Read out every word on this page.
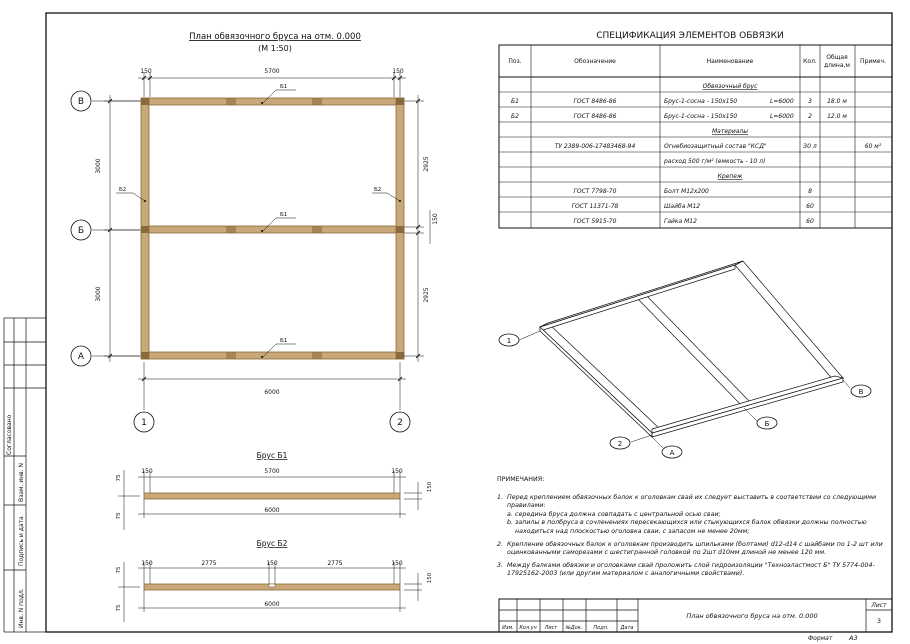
Согласовано
Взам. инв. N
Подпись и дата
Инв. N подл.
План обвязочного бруса на отм. 0.000
(М 1:50)
150	5700	150
3000
3000
2925
150
2925
6000
Б1
Б1
Б1
Б2	Б2
В
Б
А
1	2
Брус Б1
150	5700	150
6000
75
75
150
Брус Б2
150	2775	150	2775	150
6000
75
75
150
СПЕЦИФИКАЦИЯ ЭЛЕМЕНТОВ ОБВЯЗКИ
Поз.	Обозначение	Наименование	Кол.
Общая
длина,м
Примеч.
Обвязочный брус
Б1	ГОСТ 8486-86	Брус-1-сосна - 150х150	L=6000 3	18.0 м
Б2	ГОСТ 8486-86	Брус-1-сосна - 150х150	L=6000 2	12.0 м
Материалы
ТУ 2389-006-17483468-94	Огнебиозащитный состав "КСД"	30 л	60 м²
расход 500 г/м² (емкость - 10 л)
Крепеж
ГОСТ 7798-70	Болт М12х200	8
ГОСТ 11371-78	Шайба М12	60
ГОСТ 5915-70	Гайка М12	60
1
2
А
Б
В
Изм. Кол.уч Лист №Док. Подп. Дата
План обвязочного бруса на отм. 0.000
Лист
3
Формат	А3
ПРИМЕЧАНИЯ:
1. Перед креплением обвязочных балок к оголовкам свай их следует выставить в соответствии со следующими правилами:
a. середина бруса должна совпадать с центральной осью сваи;
b. запилы в полбруса в сочленениях пересекающихся или стыкующихся балок обвязки должны полностью находиться над плоскостью оголовка сваи, с запасом не менее 20мм;
2. Крепление обвязочных балок к оголовкам производить шпильками (болтами) d12-d14 с шайбами по 1-2 шт или оцинкованными саморезами с шестигранной головкой по 2шт d10мм длиной не менее 120 мм.
3. Между балками обвязки и оголовками свай проложить слой гидроизоляции "Техноэластмост Б" ТУ 5774-004-17925162-2003 (или другим материалом с аналогичными свойствами).
